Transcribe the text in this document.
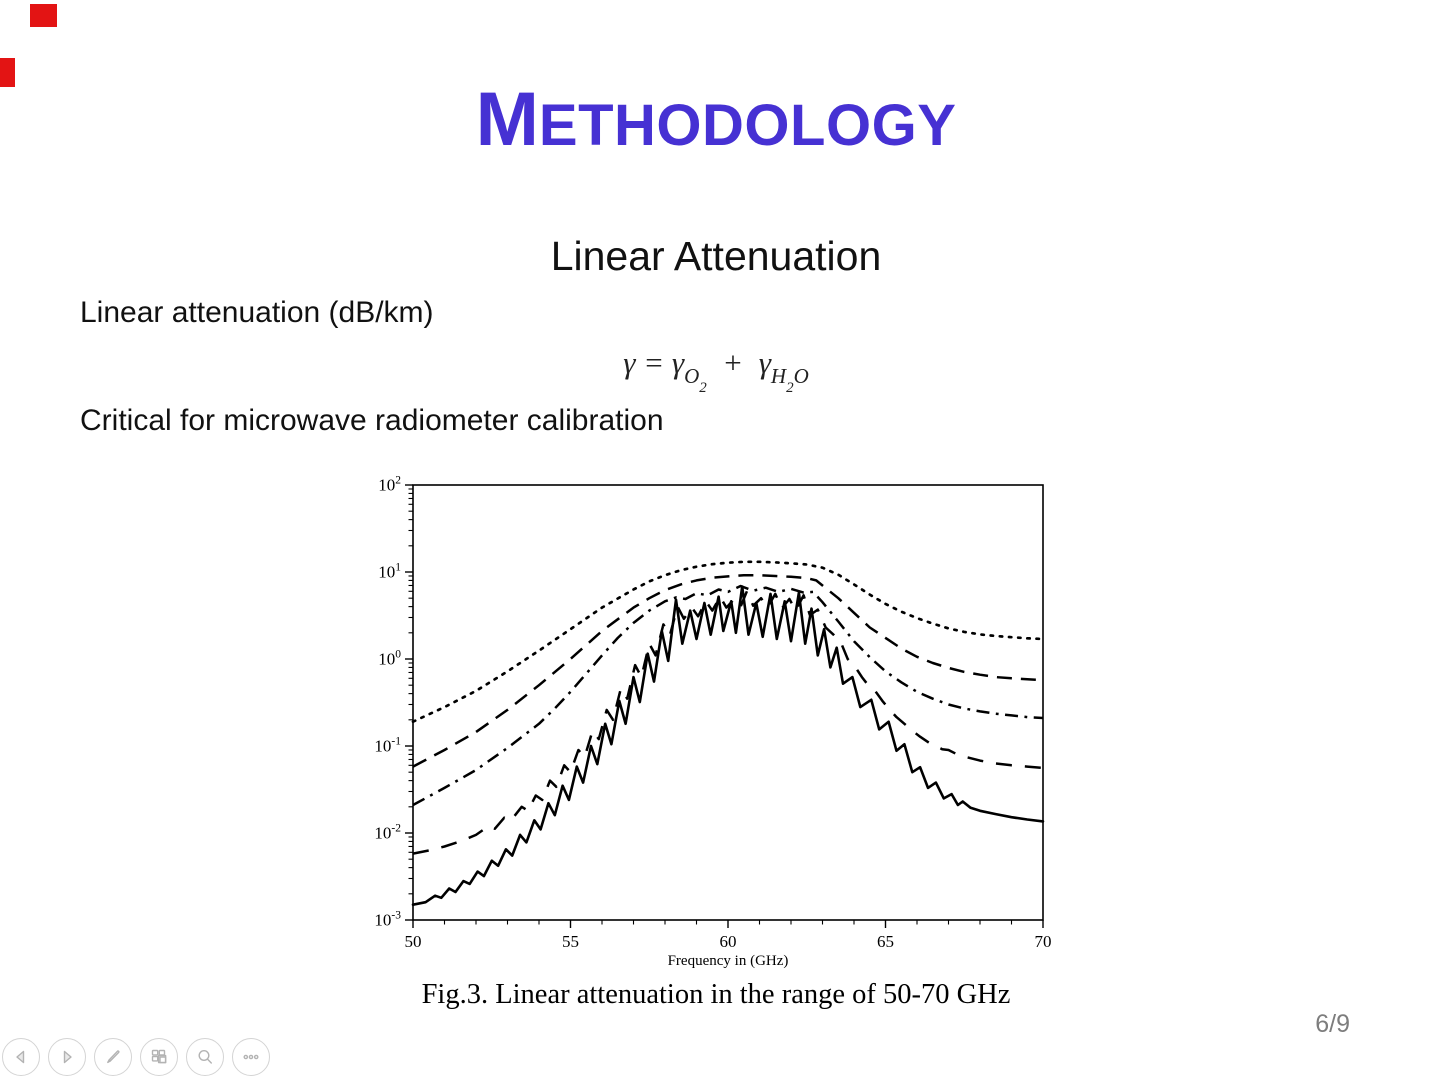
METHODOLOGY
Linear Attenuation
Linear attenuation (dB/km)
γ = γO2  +  γH2O
Critical for microwave radiometer calibration
$10^2$
$10^1$
$10^0$
$10^{-1}$
$10^{-2}$
$10^{-3}$
50	55	60	65	70
Frequency in (GHz)
Fig.3. Linear attenuation in the range of 50-70 GHz
6/9
